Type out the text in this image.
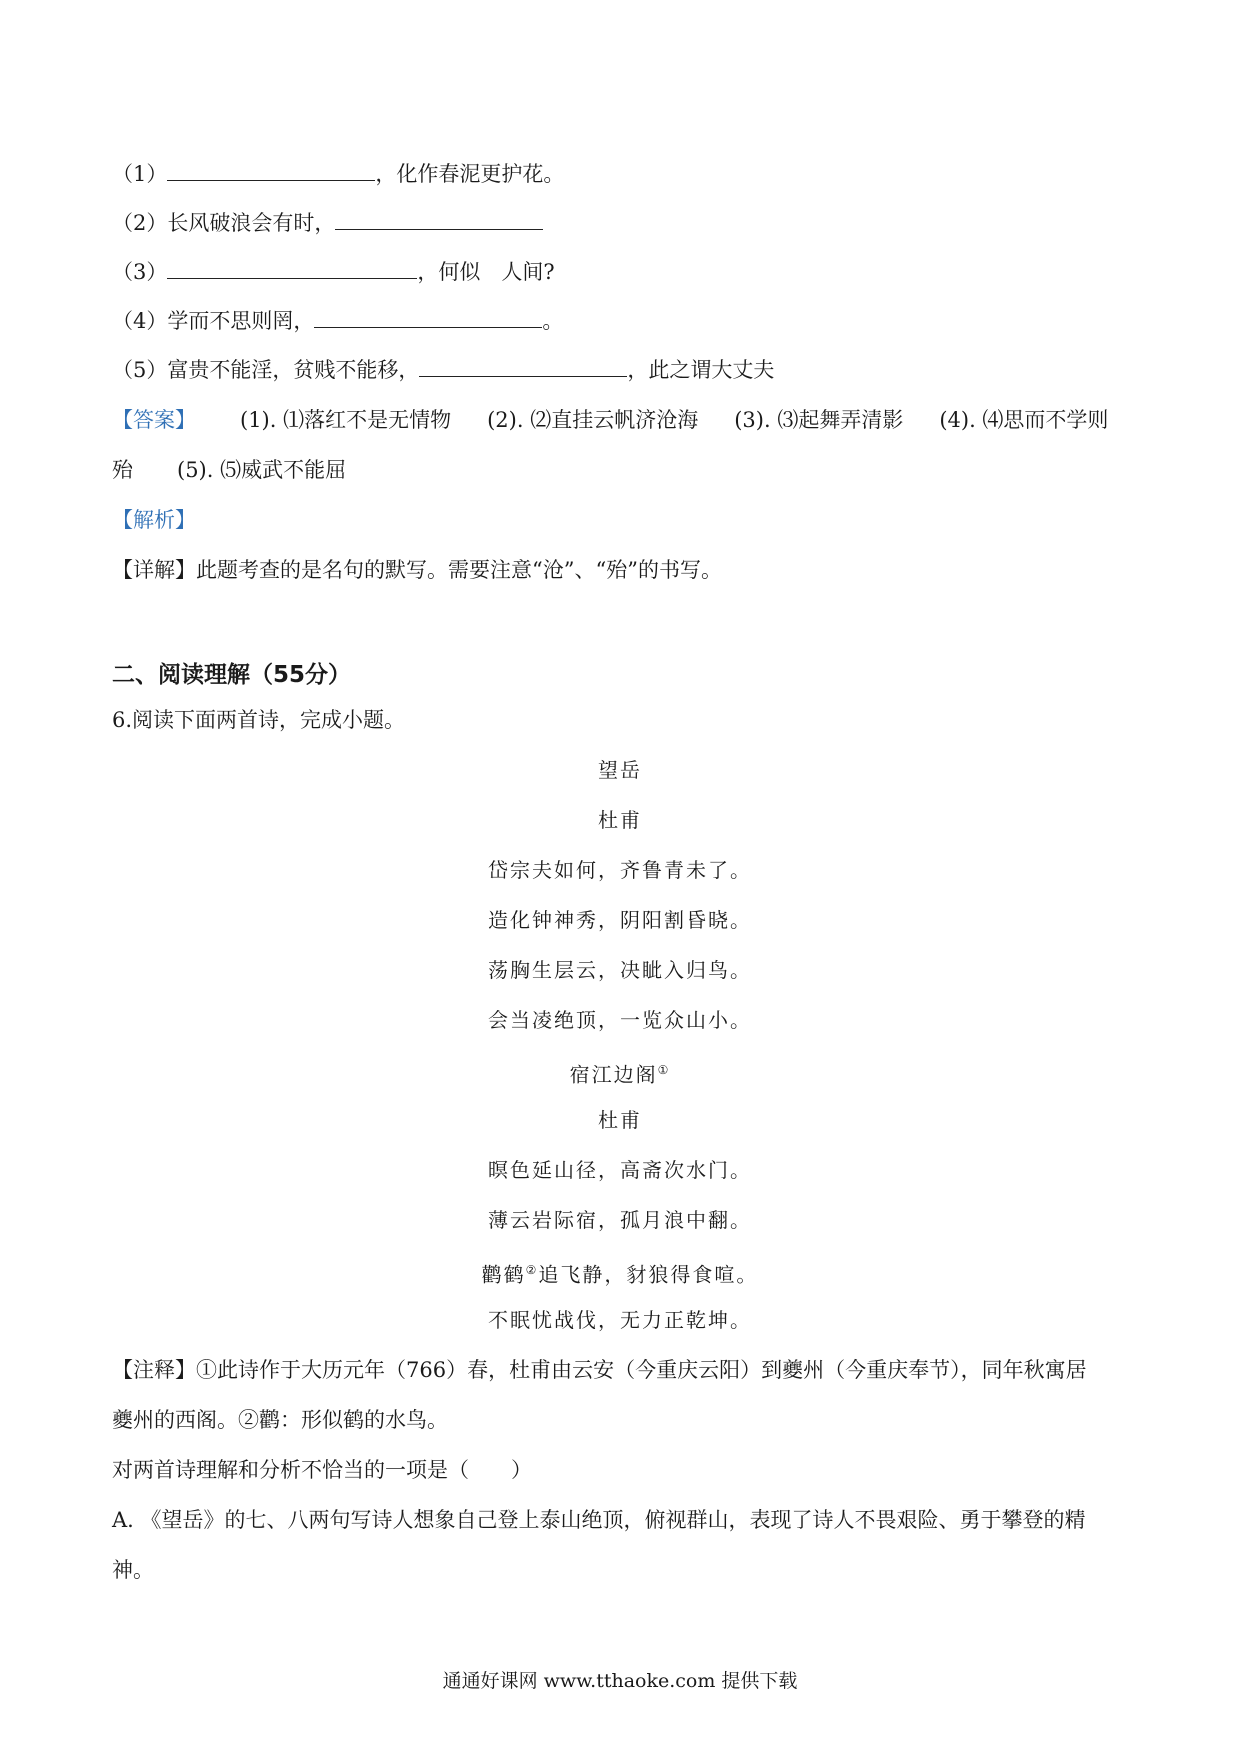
（1）	，化作春泥更护花。
（2）长风破浪会有时，
（3）	，何似　人间?
（4）学而不思则罔，	。
（5）富贵不能淫，贫贱不能移，	，此之谓大丈夫
【答案】 (1). ⑴落红不是无情物 (2). ⑵直挂云帆济沧海 (3). ⑶起舞弄清影 (4). ⑷思而不学则
殆 (5). ⑸威武不能屈
【解析】
【详解】此题考查的是名句的默写。需要注意“沧”、“殆”的书写。
二、阅读理解（55分）
6.阅读下面两首诗，完成小题。
望岳
杜甫
岱宗夫如何，齐鲁青未了。
造化钟神秀，阴阳割昏晓。
荡胸生层云，决眦入归鸟。
会当凌绝顶，一览众山小。
宿江边阁①
杜甫
暝色延山径，高斋次水门。
薄云岩际宿，孤月浪中翻。
鹳鹤②追飞静，豺狼得食喧。
不眠忧战伐，无力正乾坤。
【注释】①此诗作于大历元年（766）春，杜甫由云安（今重庆云阳）到夔州（今重庆奉节），同年秋寓居
夔州的西阁。②鹳：形似鹤的水鸟。
对两首诗理解和分析不恰当的一项是（　　）
A. 《望岳》的七、八两句写诗人想象自己登上泰山绝顶，俯视群山，表现了诗人不畏艰险、勇于攀登的精
神。
通通好课网 www.tthaoke.com 提供下载
